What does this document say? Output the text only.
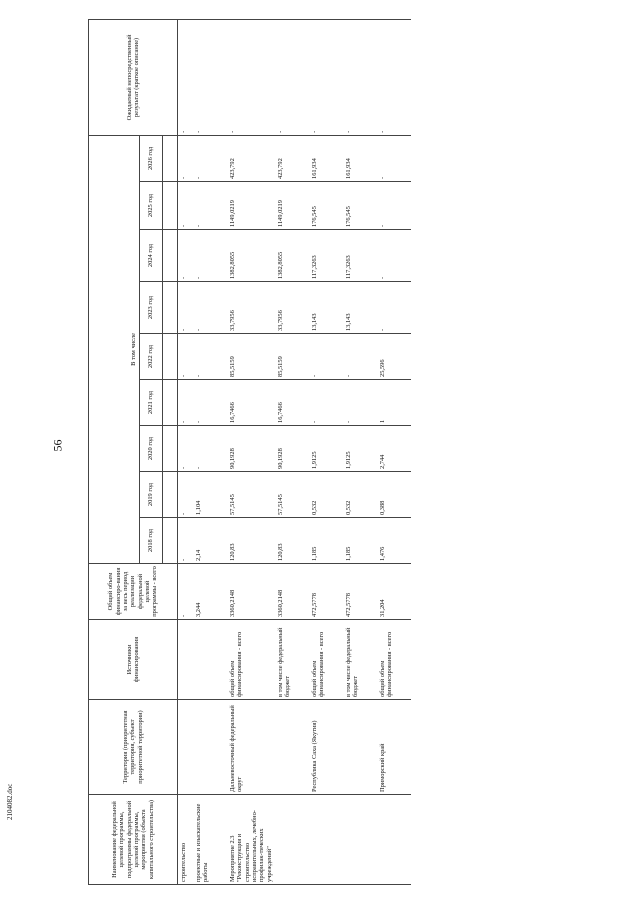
56
Наименование федеральной целевой программы, подпрограммы федеральной целевой программы, мероприятия (объекта капитального строительства)	Территория (приоритетная территория, субъект приоритетной территории)	Источники финансирования	Общий объем финансиро-вания за весь период реализации федеральной целевой программы - всего	В том числе									Ожидаемый непосредственный результат (краткое описание)
				2018 год	2019 год	2020 год	2021 год	2022 год	2023 год	2024 год	2025 год	2026 год	

строительство			-	-	-	-	-	-	-	-	-	-	-
проектные и изыскательские работы			3,244	2,14	1,104	-	-	-	-	-	-	-	-
Мероприятие 2.3 "Реконструкция и строительство исправительных, лечебно-профилак-тических учреждений"	Дальневосточный федеральный округ	общий объем финансирования - всего	3360,2148	120,83	57,5145	90,1928	16,7466	85,5159	33,7956	1382,8055	1149,0219	423,792	-
		в том числе федеральный бюджет	3360,2148	120,83	57,5145	90,1928	16,7466	85,5159	33,7956	1382,8055	1149,0219	423,792	-
	Республика Саха (Якутия)	общий объем финансирования - всего	472,5778	1,185	0,532	1,9125	-	-	13,143	117,3263	176,545	161,934	-
		в том числе федеральный бюджет	472,5778	1,185	0,532	1,9125	-	-	13,143	117,3263	176,545	161,934	-
	Приморский край	общий объем финансирования - всего	31,204	1,476	0,388	2,744	1	25,596	-	-	-	-	-
2104082.doc
